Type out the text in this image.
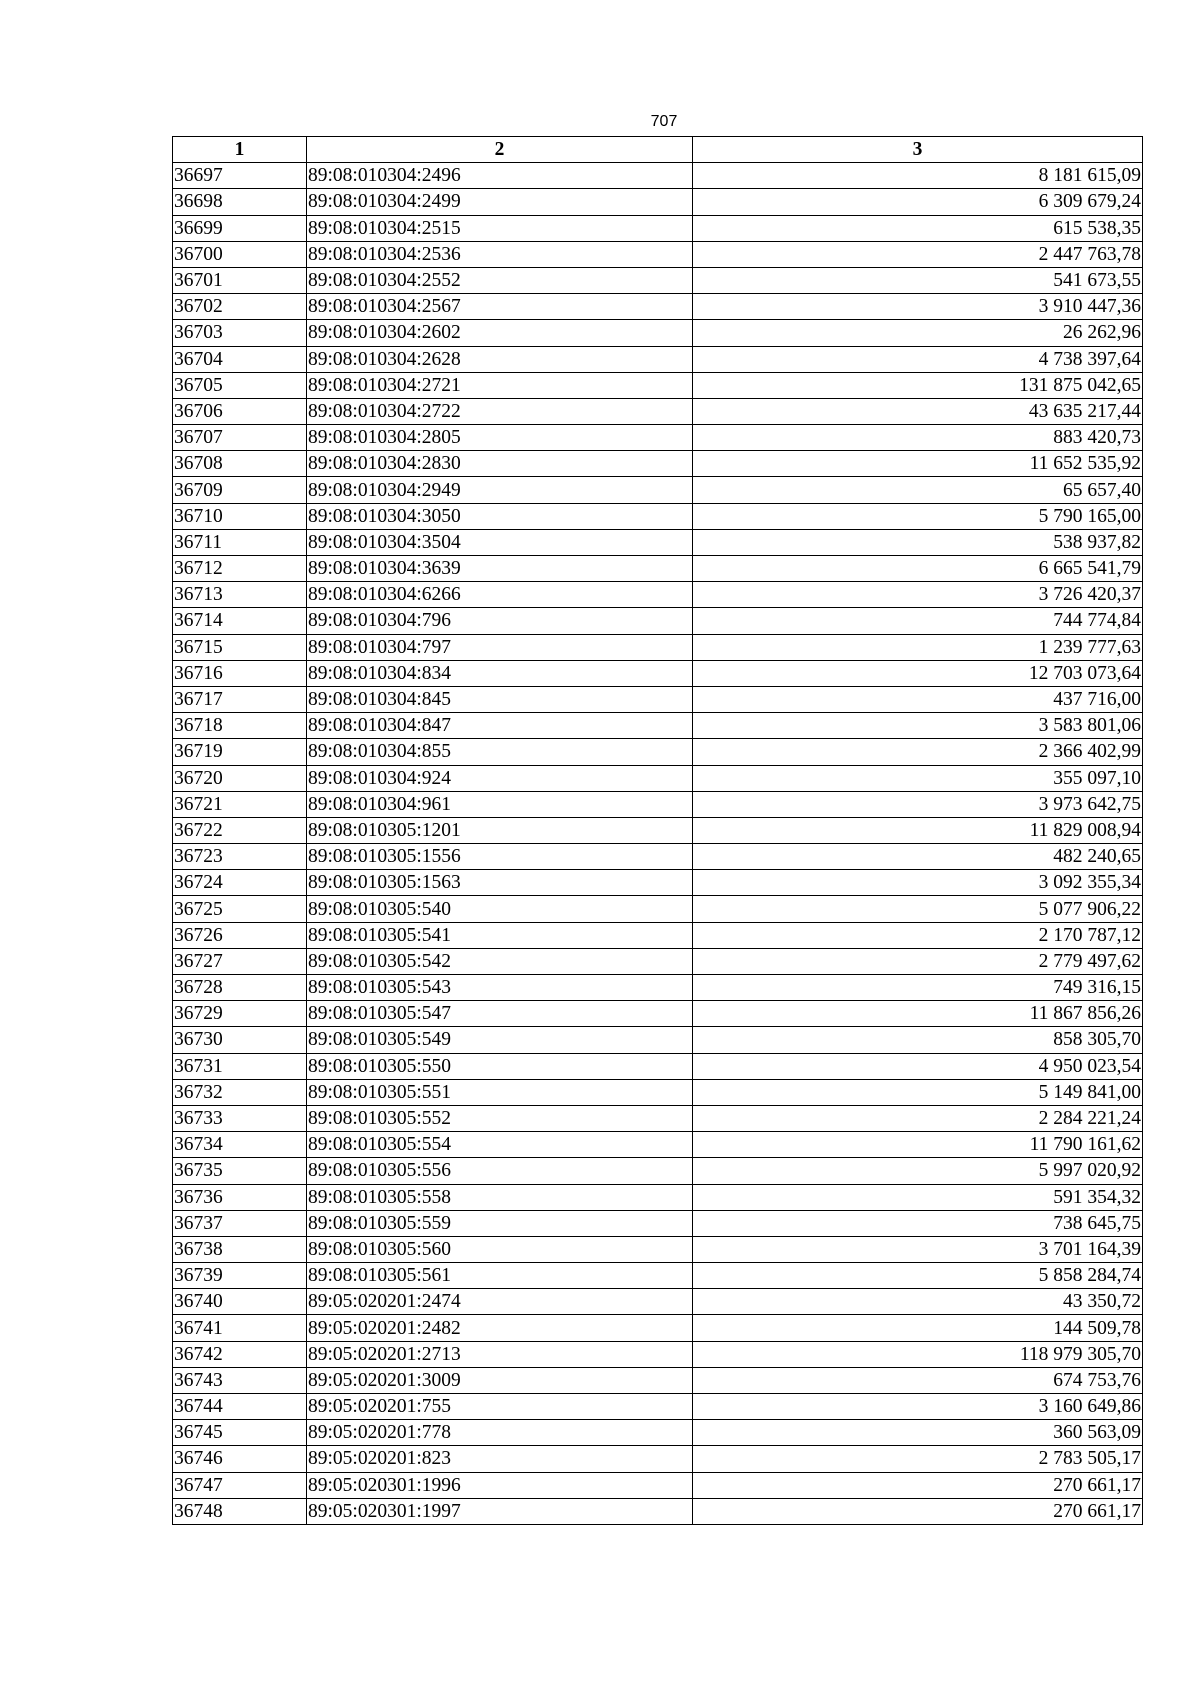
707
1	2	3
36697	89:08:010304:2496	8 181 615,09
36698	89:08:010304:2499	6 309 679,24
36699	89:08:010304:2515	615 538,35
36700	89:08:010304:2536	2 447 763,78
36701	89:08:010304:2552	541 673,55
36702	89:08:010304:2567	3 910 447,36
36703	89:08:010304:2602	26 262,96
36704	89:08:010304:2628	4 738 397,64
36705	89:08:010304:2721	131 875 042,65
36706	89:08:010304:2722	43 635 217,44
36707	89:08:010304:2805	883 420,73
36708	89:08:010304:2830	11 652 535,92
36709	89:08:010304:2949	65 657,40
36710	89:08:010304:3050	5 790 165,00
36711	89:08:010304:3504	538 937,82
36712	89:08:010304:3639	6 665 541,79
36713	89:08:010304:6266	3 726 420,37
36714	89:08:010304:796	744 774,84
36715	89:08:010304:797	1 239 777,63
36716	89:08:010304:834	12 703 073,64
36717	89:08:010304:845	437 716,00
36718	89:08:010304:847	3 583 801,06
36719	89:08:010304:855	2 366 402,99
36720	89:08:010304:924	355 097,10
36721	89:08:010304:961	3 973 642,75
36722	89:08:010305:1201	11 829 008,94
36723	89:08:010305:1556	482 240,65
36724	89:08:010305:1563	3 092 355,34
36725	89:08:010305:540	5 077 906,22
36726	89:08:010305:541	2 170 787,12
36727	89:08:010305:542	2 779 497,62
36728	89:08:010305:543	749 316,15
36729	89:08:010305:547	11 867 856,26
36730	89:08:010305:549	858 305,70
36731	89:08:010305:550	4 950 023,54
36732	89:08:010305:551	5 149 841,00
36733	89:08:010305:552	2 284 221,24
36734	89:08:010305:554	11 790 161,62
36735	89:08:010305:556	5 997 020,92
36736	89:08:010305:558	591 354,32
36737	89:08:010305:559	738 645,75
36738	89:08:010305:560	3 701 164,39
36739	89:08:010305:561	5 858 284,74
36740	89:05:020201:2474	43 350,72
36741	89:05:020201:2482	144 509,78
36742	89:05:020201:2713	118 979 305,70
36743	89:05:020201:3009	674 753,76
36744	89:05:020201:755	3 160 649,86
36745	89:05:020201:778	360 563,09
36746	89:05:020201:823	2 783 505,17
36747	89:05:020301:1996	270 661,17
36748	89:05:020301:1997	270 661,17
